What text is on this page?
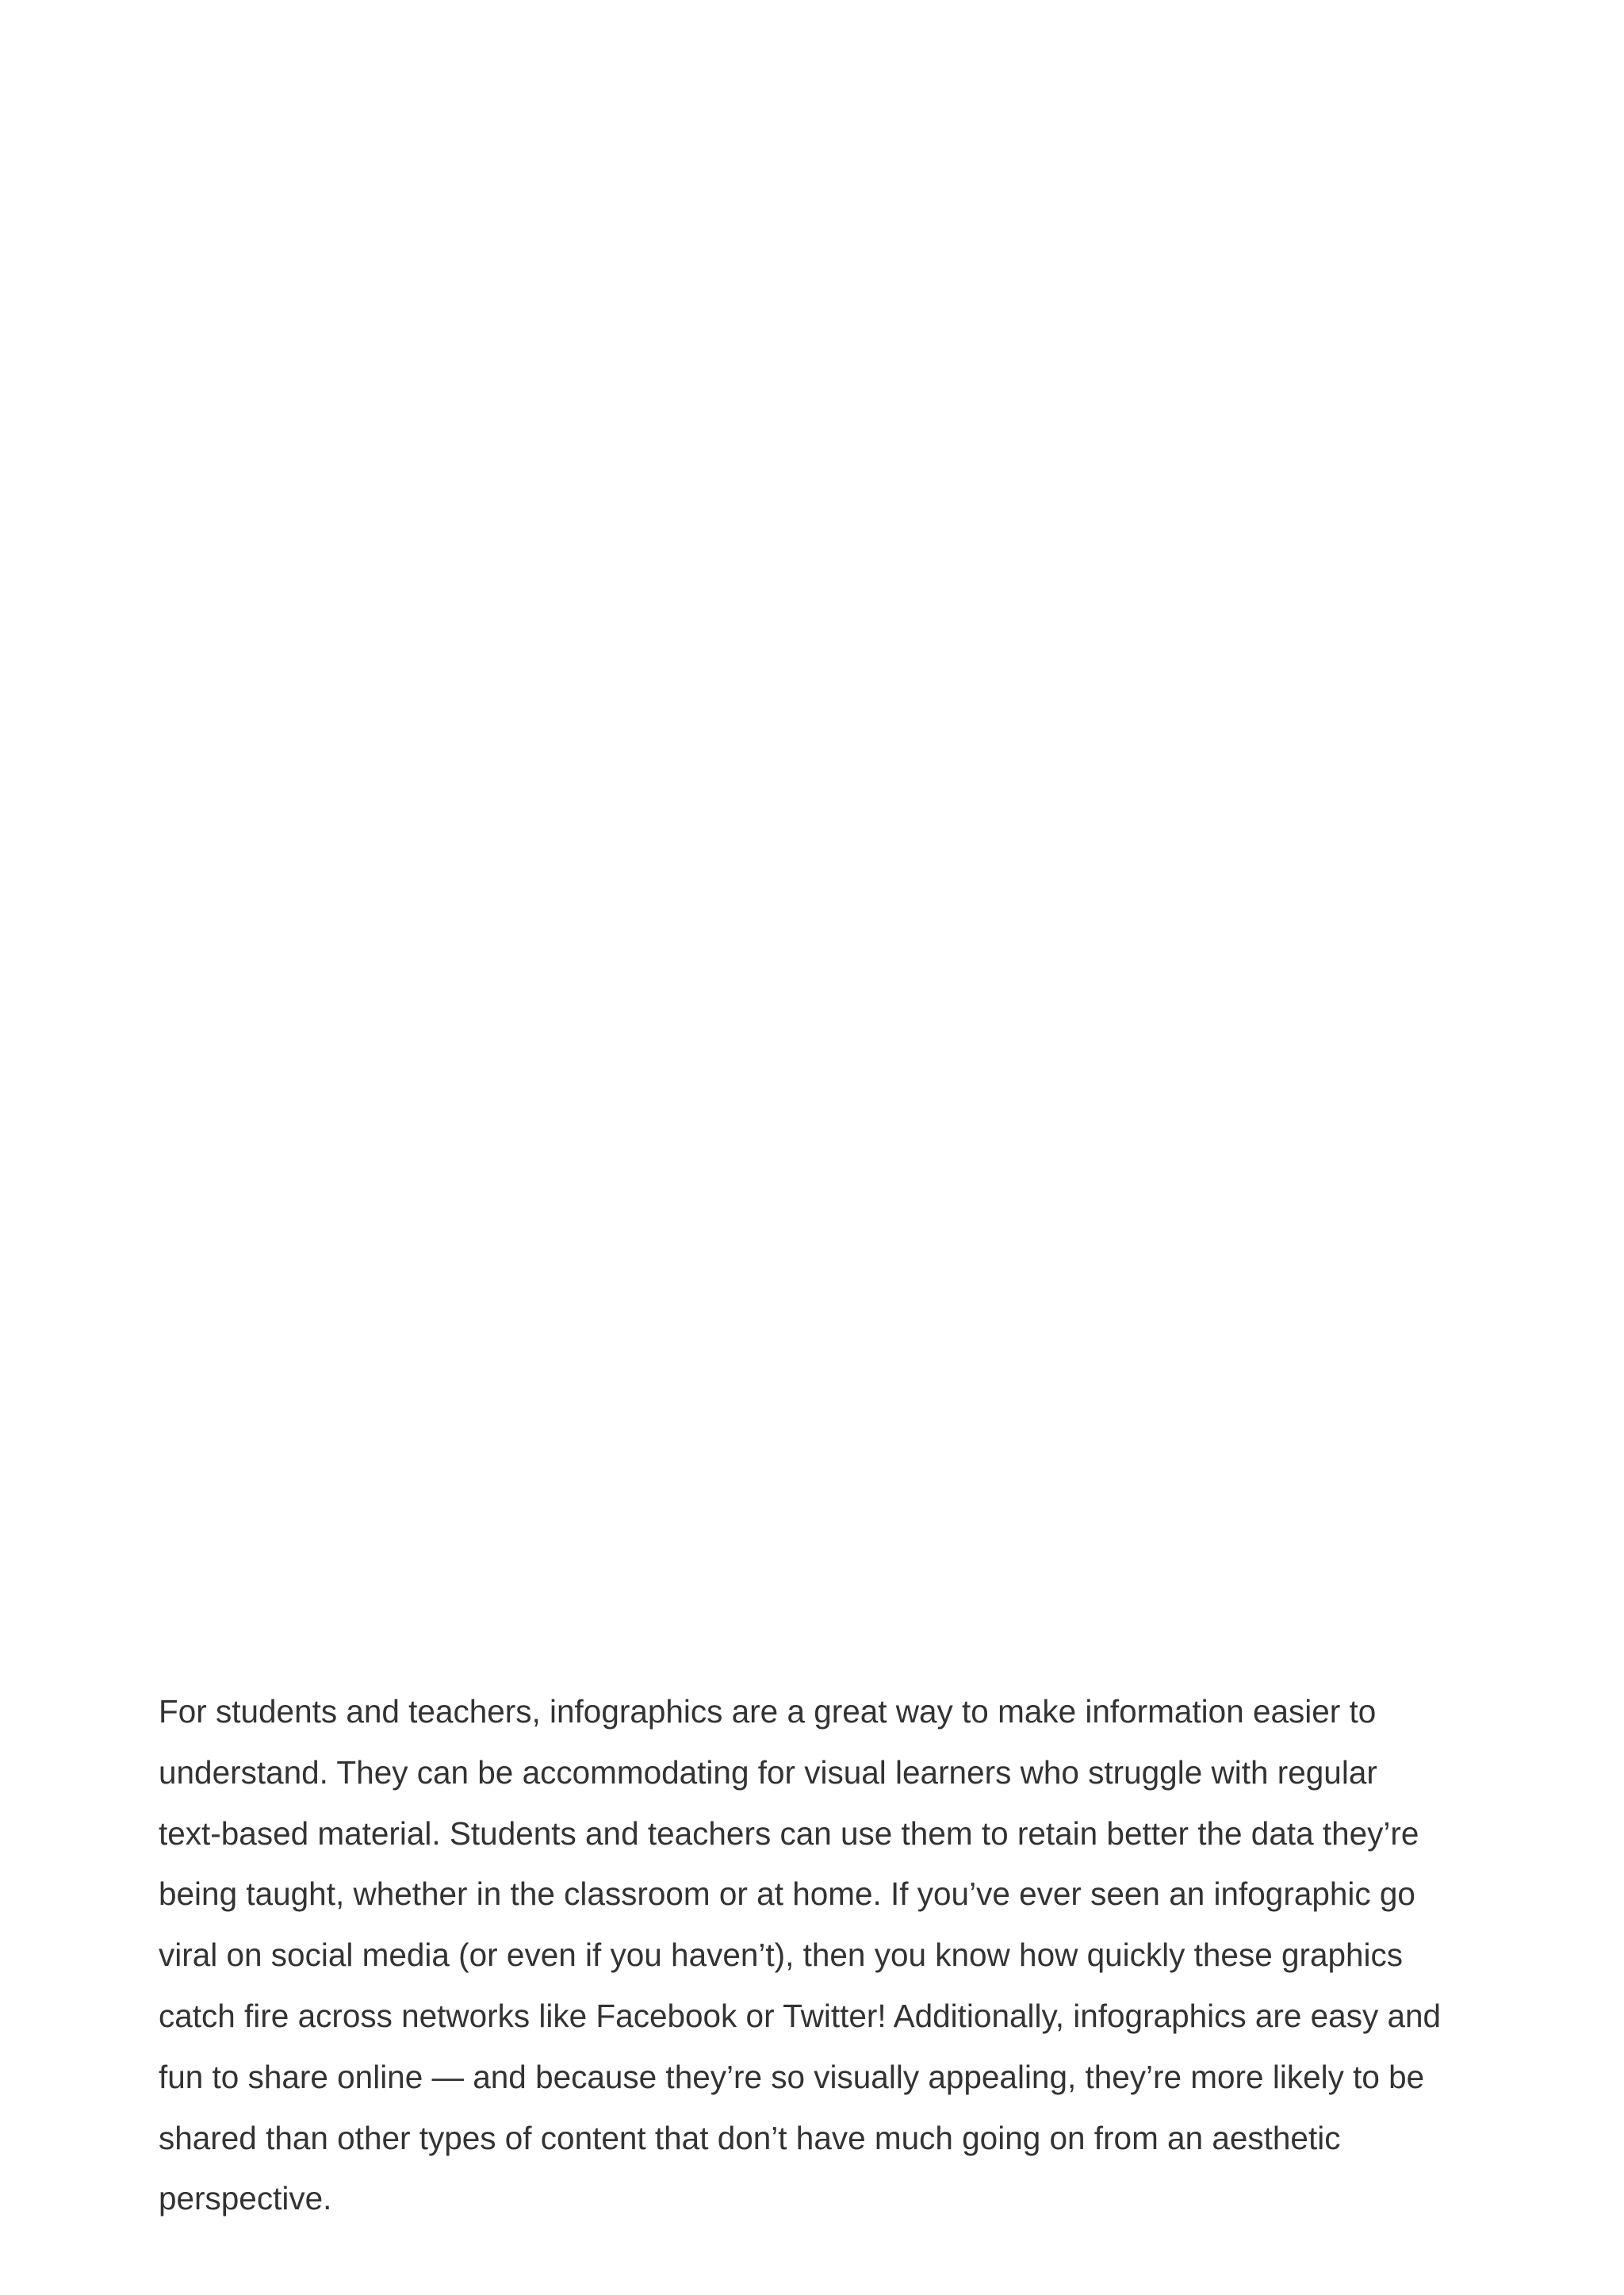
For students and teachers, infographics are a great way to make information easier to
understand. They can be accommodating for visual learners who struggle with regular
text-based material. Students and teachers can use them to retain better the data they’re
being taught, whether in the classroom or at home. If you’ve ever seen an infographic go
viral on social media (or even if you haven’t), then you know how quickly these graphics
catch fire across networks like Facebook or Twitter! Additionally, infographics are easy and
fun to share online — and because they’re so visually appealing, they’re more likely to be
shared than other types of content that don’t have much going on from an aesthetic
perspective.
